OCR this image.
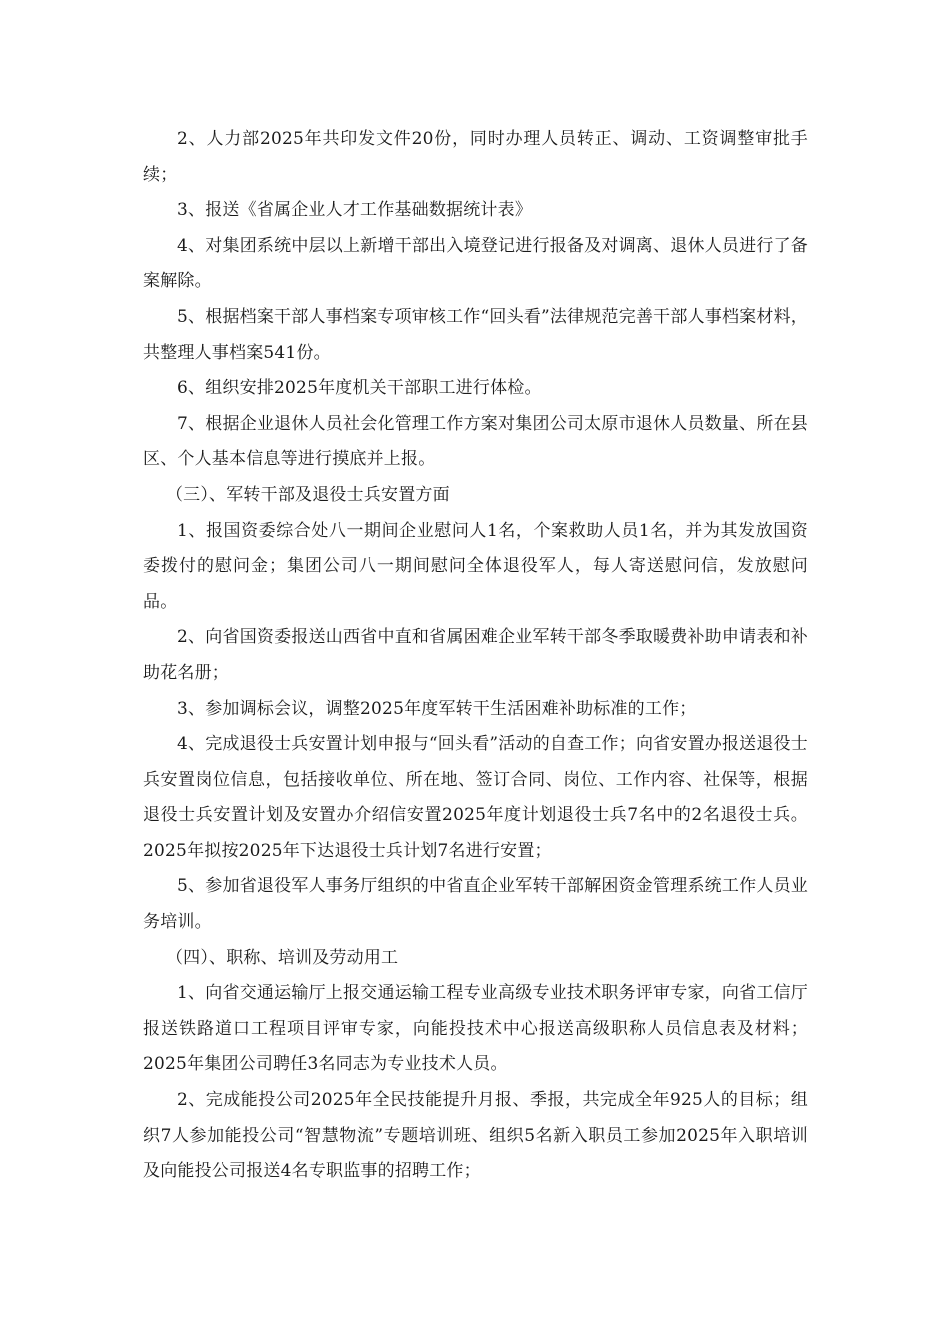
2、人力部2025年共印发文件20份，同时办理人员转正、调动、工资调整审批手续；

3、报送《省属企业人才工作基础数据统计表》

4、对集团系统中层以上新增干部出入境登记进行报备及对调离、退休人员进行了备案解除。

5、根据档案干部人事档案专项审核工作“回头看”法律规范完善干部人事档案材料，共整理人事档案541份。

6、组织安排2025年度机关干部职工进行体检。

7、根据企业退休人员社会化管理工作方案对集团公司太原市退休人员数量、所在县区、个人基本信息等进行摸底并上报。

（三）、军转干部及退役士兵安置方面

1、报国资委综合处八一期间企业慰问人1名，个案救助人员1名，并为其发放国资委拨付的慰问金；集团公司八一期间慰问全体退役军人，每人寄送慰问信，发放慰问品。

2、向省国资委报送山西省中直和省属困难企业军转干部冬季取暖费补助申请表和补助花名册；

3、参加调标会议，调整2025年度军转干生活困难补助标准的工作；

4、完成退役士兵安置计划申报与“回头看”活动的自查工作；向省安置办报送退役士兵安置岗位信息，包括接收单位、所在地、签订合同、岗位、工作内容、社保等，根据退役士兵安置计划及安置办介绍信安置2025年度计划退役士兵7名中的2名退役士兵。2025年拟按2025年下达退役士兵计划7名进行安置；

5、参加省退役军人事务厅组织的中省直企业军转干部解困资金管理系统工作人员业务培训。

（四）、职称、培训及劳动用工

1、向省交通运输厅上报交通运输工程专业高级专业技术职务评审专家，向省工信厅报送铁路道口工程项目评审专家，向能投技术中心报送高级职称人员信息表及材料；2025年集团公司聘任3名同志为专业技术人员。

2、完成能投公司2025年全民技能提升月报、季报，共完成全年925人的目标；组织7人参加能投公司“智慧物流”专题培训班、组织5名新入职员工参加2025年入职培训及向能投公司报送4名专职监事的招聘工作；
